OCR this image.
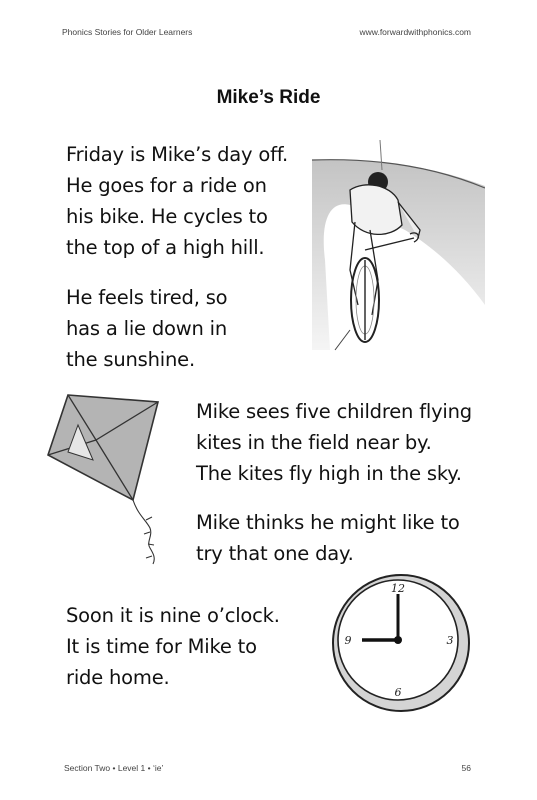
Phonics Stories for Older Learners	www.forwardwithphonics.com
Mike’s Ride
Friday is Mike’s day off.
He goes for a ride on
his bike. He cycles to
the top of a high hill.
He feels tired, so
has a lie down in
the sunshine.
Mike sees five children flying
kites in the field near by.
The kites fly high in the sky.
Mike thinks he might like to
try that one day.
Soon it is nine o’clock.
It is time for Mike to
ride home.
12
3
6
9
Section Two • Level 1 • ‘ie’	56
